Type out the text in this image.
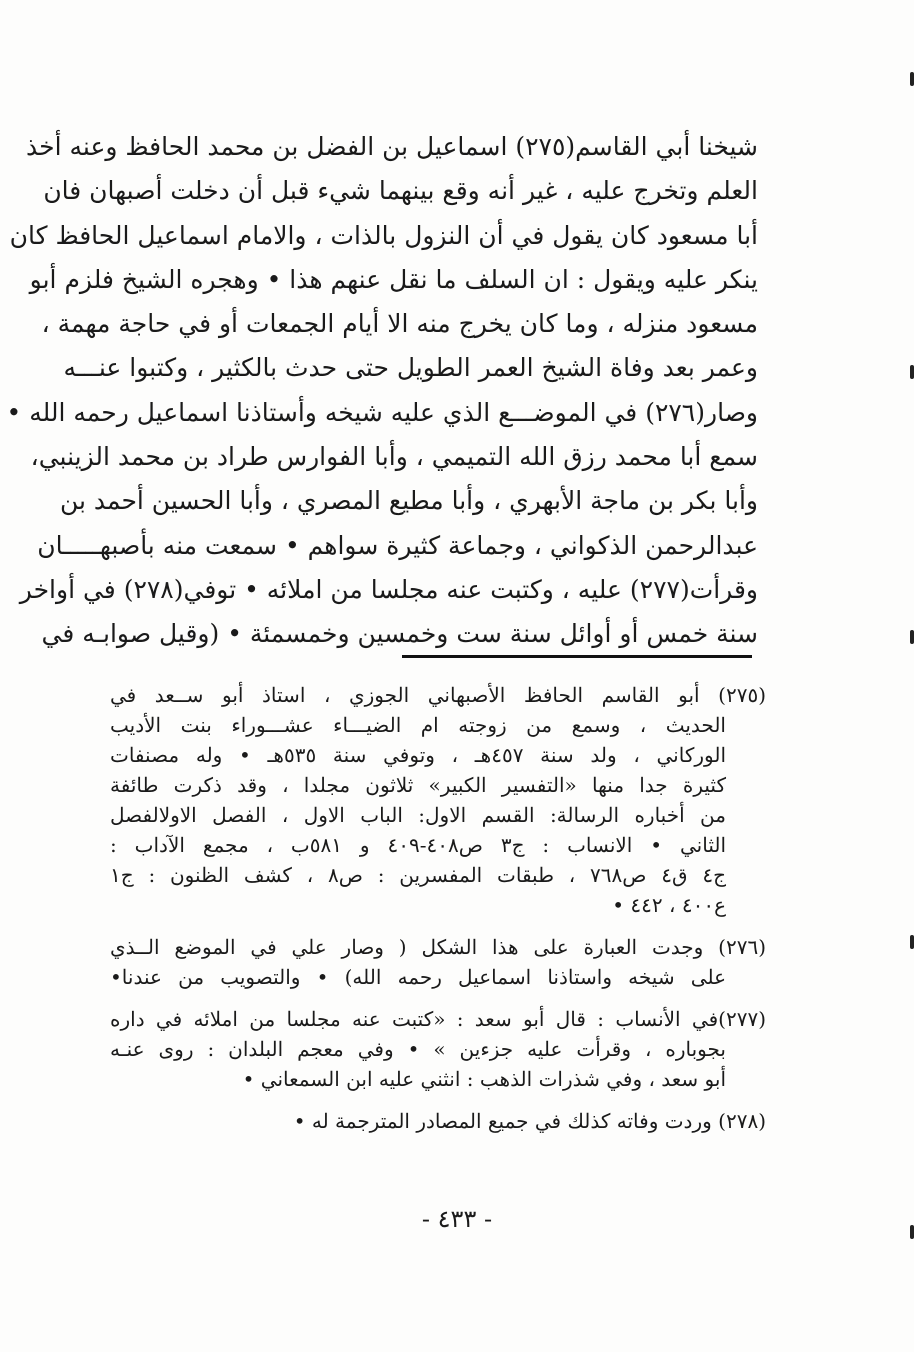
شيخنا أبي القاسم(٢٧٥) اسماعيل بن الفضل بن محمد الحافظ وعنه أخذ
العلم وتخرج عليه ، غير أنه وقع بينهما شيء قبل أن دخلت أصبهان فان
أبا مسعود كان يقول في أن النزول بالذات ، والامام اسماعيل الحافظ كان
ينكر عليه ويقول : ان السلف ما نقل عنهم هذا • وهجره الشيخ فلزم أبو
مسعود منزله ، وما كان يخرج منه الا أيام الجمعات أو في حاجة مهمة ،
وعمر بعد وفاة الشيخ العمر الطويل حتى حدث بالكثير ، وكتبوا عنـــه
وصار(٢٧٦) في الموضـــع الذي عليه شيخه وأستاذنا اسماعيل رحمه الله •
سمع أبا محمد رزق الله التميمي ، وأبا الفوارس طراد بن محمد الزينبي،
وأبا بكر بن ماجة الأبهري ، وأبا مطيع المصري ، وأبا الحسين أحمد بن
عبدالرحمن الذكواني ، وجماعة كثيرة سواهم • سمعت منه بأصبهـــــان
وقرأت(٢٧٧) عليه ، وكتبت عنه مجلسا من املائه • توفي(٢٧٨) في أواخر
سنة خمس أو أوائل سنة ست وخمسين وخمسمئة • (وقيل صوابـه في
(٢٧٥) أبو القاسم الحافظ الأصبهاني الجوزي ، استاذ أبو ســعد في
الحديث ، وسمع من زوجته ام الضيـــاء عشـــوراء بنت الأديب
الوركاني ، ولد سنة ٤٥٧هـ ، وتوفي سنة ٥٣٥هـ • وله مصنفات
كثيرة جدا منها «التفسير الكبير» ثلاثون مجلدا ، وقد ذكرت طائفة
من أخباره الرسالة: القسم الاول: الباب الاول ، الفصل الاولالفصل
الثاني • الانساب : ج٣ ص٤٠٨-٤٠٩ و ٥٨١ب ، مجمع الآداب :
ج٤ ق٤ ص٧٦٨ ، طبقات المفسرين : ص٨ ، كشف الظنون : ج١
ع٤٠٠ ، ٤٤٢ •
(٢٧٦) وجدت العبارة على هذا الشكل ( وصار علي في الموضع الــذي
على شيخه واستاذنا اسماعيل رحمه الله) • والتصويب من عندنا•
(٢٧٧)في الأنساب : قال أبو سعد : «كتبت عنه مجلسا من املائه في داره
بجوباره ، وقرأت عليه جزءين » • وفي معجم البلدان : روى عنـه
أبو سعد ، وفي شذرات الذهب : انثني عليه ابن السمعاني •
(٢٧٨) وردت وفاته كذلك في جميع المصادر المترجمة له •
- ٤٣٣ -
